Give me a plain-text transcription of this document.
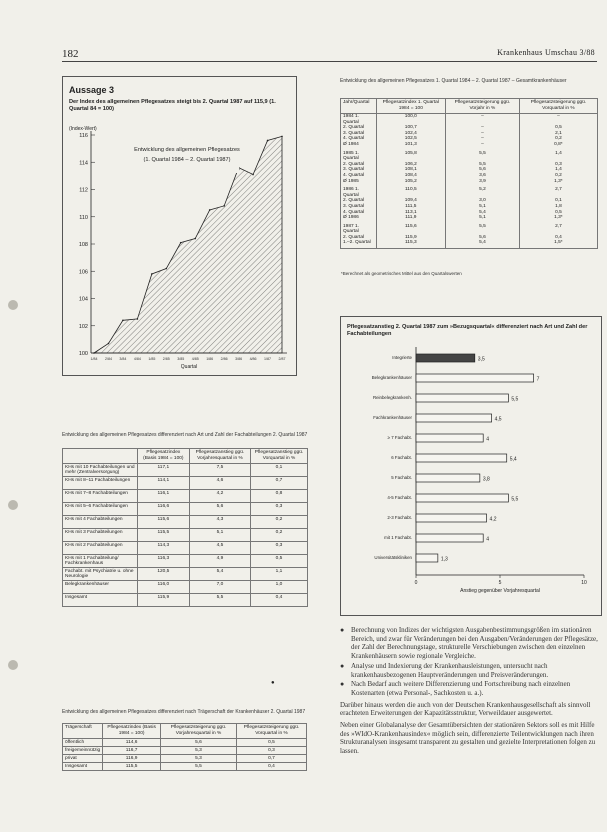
182	Krankenhaus Umschau 3/88
Aussage 3
Der Index des allgemeinen Pflegesatzes steigt bis 2. Quartal 1987 auf 115,9 (1. Quartal 84 = 100)
(Index-Wert)
100
102
104
106
108
110
112
114
116
1/84 2/84 3/84 4/84 1/85 2/85 3/85 4/85 1/86 2/86 3/86 4/86 1/87 2/87
Quartal
Entwicklung des allgemeinen Pflegesatzes
(1. Quartal 1984 – 2. Quartal 1987)
Entwicklung des allgemeinen Pflegesatzes differenziert nach Art und Zahl der Fachabteilungen 2. Quartal 1987
	Pflegesatzindex (Basis 1984 = 100)	Pflegesatzanstieg ggü. Vorjahresquartal in %	Pflegesatzanstieg ggü. Vorquartal in %
KHs mit 10 Fachabteilungen und mehr (Zentralversorgung)	117,1	7,5	0,1
KHs mit 8–11 Fachabteilungen	114,1	4,6	0,7
KHs mit 7–8 Fachabteilungen	116,1	4,2	0,8
KHs mit 5–6 Fachabteilungen	116,6	5,6	0,3
KHs mit 4 Fachabteilungen	115,6	4,3	0,2
KHs mit 3 Fachabteilungen	115,5	5,1	0,2
KHs mit 2 Fachabteilungen	114,3	4,5	0,3
KHs mit 1 Fachabteilung/ Fachkrankenhaus	116,3	4,9	0,5
Fachabt. mit Psychiatrie u. ohne Neurologie	120,5	5,4	1,1
Belegkrankenhäuser	116,0	7,0	1,0
Insgesamt	115,9	5,5	0,4
●
Entwicklung des allgemeinen Pflegesatzes differenziert nach Trägerschaft der Krankenhäuser 2. Quartal 1987
Trägerschaft	Pflegesatzindex (Basis 1984 = 100)	Pflegesatzsteigerung ggü. Vorjahresquartal in %	Pflegesatzsteigerung ggü. Vorquartal in %
öffentlich	114,6	5,6	0,5
freigemeinnützig	116,7	5,3	0,3
privat	116,9	5,3	0,7
Insgesamt	115,5	5,5	0,4
Entwicklung des allgemeinen Pflegesatzes 1. Quartal 1984 – 2. Quartal 1987 – Gesamtkrankenhäuser
Jahr/Quartal	Pflegesatzindex 1. Quartal 1984 = 100	Pflegesatzsteigerung ggü. Vorjahr in %	Pflegesatzsteigerung ggü. Vorquartal in %
1984 1. Quartal	100,0	–	–
2. Quartal	100,7	–	0,5
3. Quartal	102,4	–	2,1
4. Quartal	102,5	–	0,2
Ø 1984	101,3	–	0,8*
1985 1. Quartal	105,8	5,5	1,4
2. Quartal	106,2	5,5	0,3
3. Quartal	108,1	5,6	1,4
4. Quartal	108,4	3,6	0,2
Ø 1985	105,2	3,9	1,3*
1986 1. Quartal	110,5	5,2	2,7
2. Quartal	109,4	3,0	0,1
3. Quartal	111,5	5,1	1,8
4. Quartal	113,1	5,4	0,5
Ø 1986	111,9	5,1	1,3*
1987 1. Quartal	115,6	5,5	2,7
2. Quartal	115,9	5,6	0,4
1.–2. Quartal	115,3	5,4	1,5*
*Berechnet als geometrisches Mittel aus den Quartalswerten
Pflegesatzanstieg 2. Quartal 1987 zum »Bezugsquartal« differenziert nach Art und Zahl der Fachabteilungen
Integrierte	3,5
Belegkrankenhäuser	7
Reinbelegkrankenh.	5,5
Fachkrankenhäuser	4,5
≥ 7 Fachabt.	4
6 Fachabt.	5,4
5 Fachabt.	3,8
4-5 Fachabt.	5,5
2-3 Fachabt.	4,2
mit 1 Fachabt.	4
Universitätskliniken	1,3
0	5	10
Anstieg gegenüber Vorjahresquartal
● Berechnung von Indizes der wichtigsten Ausgabenbestimmungsgrößen im stationären Bereich, und zwar für Veränderungen bei den Ausgaben/Veränderungen der Pflegesätze, der Zahl der Berechnungstage, strukturelle Verschiebungen zwischen den einzelnen Krankenhäusern sowie regionale Vergleiche.
● Analyse und Indexierung der Krankenhausleistungen, untersucht nach krankenhausbezogenen Hauptveränderungen und Preisveränderungen.
● Nach Bedarf auch weitere Differenzierung und Fortschreibung nach einzelnen Kostenarten (etwa Personal-, Sachkosten u. a.).

Darüber hinaus werden die auch von der Deutschen Krankenhausgesellschaft als sinnvoll erachteten Erweiterungen der Kapazitätsstruktur, Verweildauer ausgewertet.

Neben einer Globalanalyse der Gesamtübersichten der stationären Sektors soll es mit Hilfe des »WIdO-Krankenhausindex« möglich sein, differenzierte Teilentwicklungen nach ihren Strukturanalysen insgesamt transparent zu gestalten und gezielte Interpretationen folgen zu lassen.
